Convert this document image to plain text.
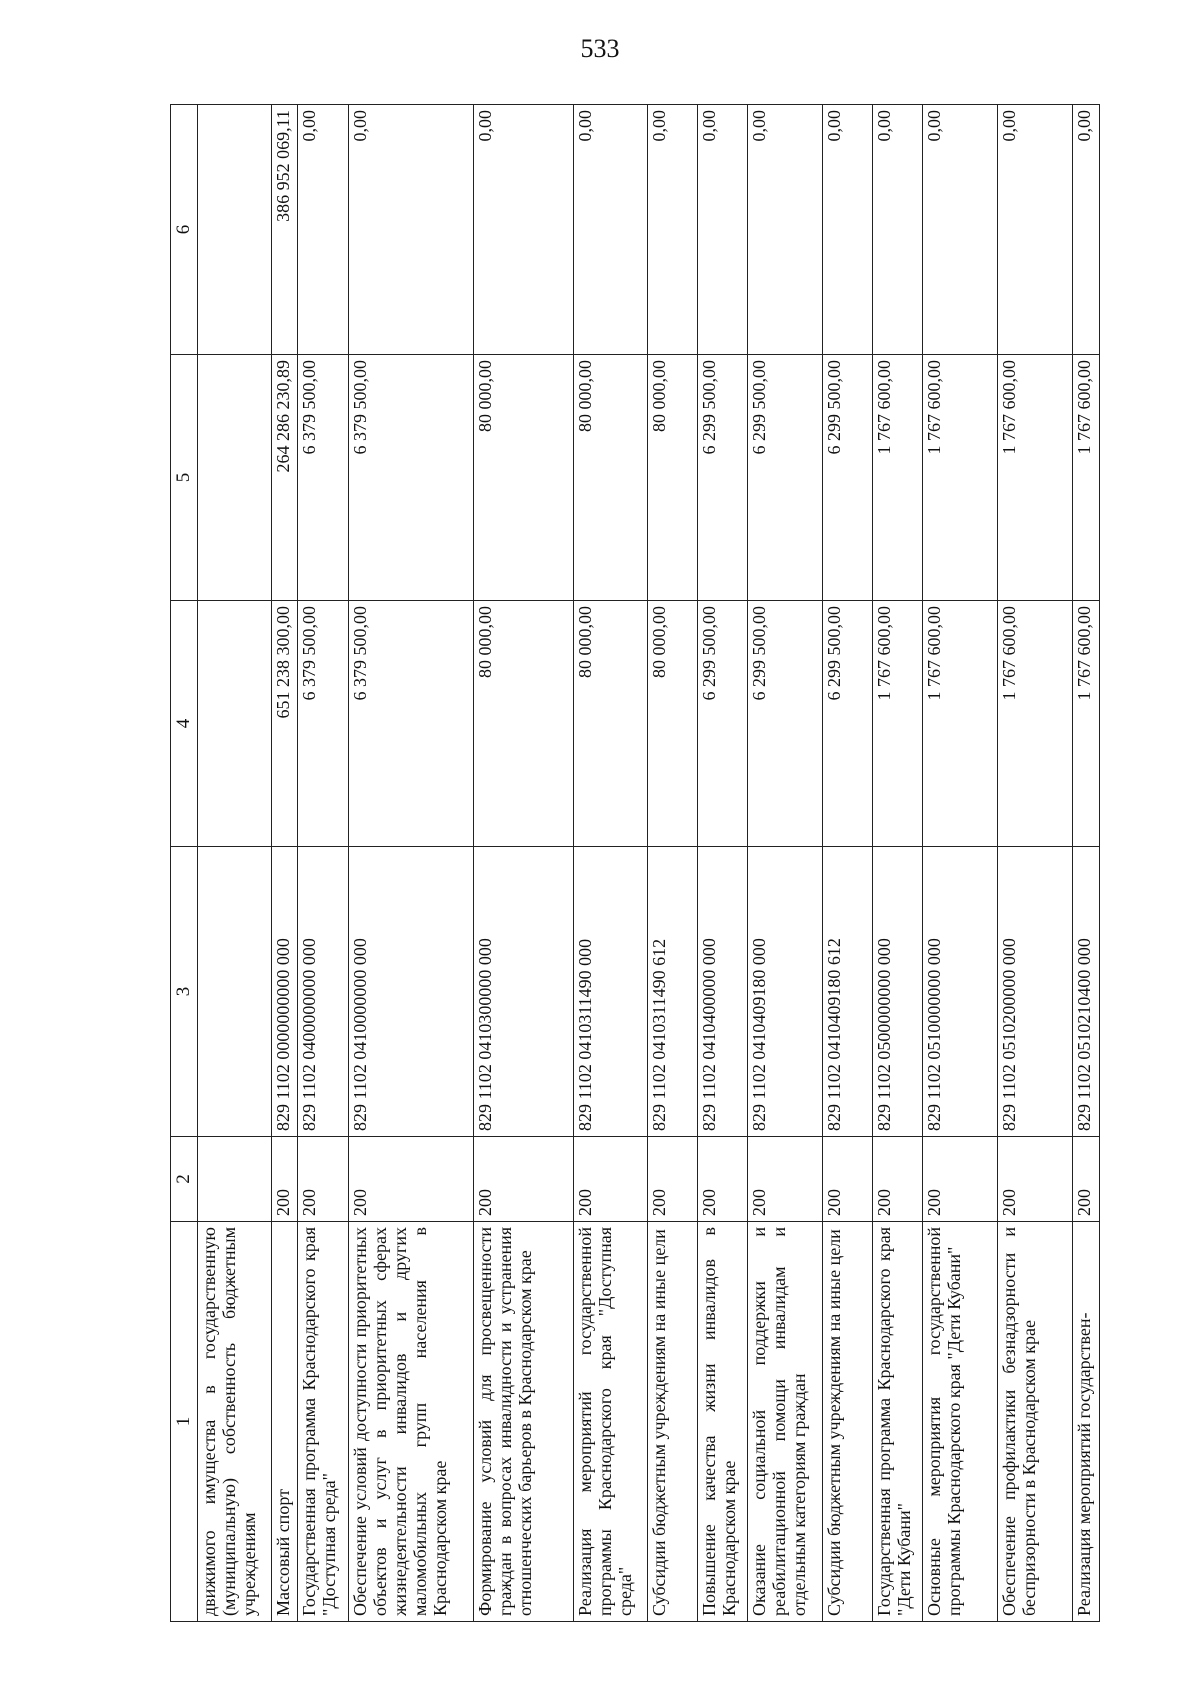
533
1	2	3	4	5	6
движимого имущества в государственную (муниципальную) собственность бюджетным учреждениям					
Массовый спорт	200	829 1102 0000000000 000	651 238 300,00	264 286 230,89	386 952 069,11
Государственная программа Краснодарского края "Доступная среда"	200	829 1102 0400000000 000	6 379 500,00	6 379 500,00	0,00
Обеспечение условий доступности приоритетных объектов и услуг в приоритетных сферах жизнедеятельности инвалидов и других маломобильных групп населения в Краснодарском крае	200	829 1102 0410000000 000	6 379 500,00	6 379 500,00	0,00
Формирование условий для просвещенности граждан в вопросах инвалидности и устранения отношенческих барьеров в Краснодарском крае	200	829 1102 0410300000 000	80 000,00	80 000,00	0,00
Реализация мероприятий государственной программы Краснодарского края "Доступная среда"	200	829 1102 0410311490 000	80 000,00	80 000,00	0,00
Субсидии бюджетным учреждениям на иные цели	200	829 1102 0410311490 612	80 000,00	80 000,00	0,00
Повышение качества жизни инвалидов в Краснодарском крае	200	829 1102 0410400000 000	6 299 500,00	6 299 500,00	0,00
Оказание социальной поддержки и реабилитационной помощи инвалидам и отдельным категориям граждан	200	829 1102 0410409180 000	6 299 500,00	6 299 500,00	0,00
Субсидии бюджетным учреждениям на иные цели	200	829 1102 0410409180 612	6 299 500,00	6 299 500,00	0,00
Государственная программа Краснодарского края "Дети Кубани"	200	829 1102 0500000000 000	1 767 600,00	1 767 600,00	0,00
Основные мероприятия государственной программы Краснодарского края "Дети Кубани"	200	829 1102 0510000000 000	1 767 600,00	1 767 600,00	0,00
Обеспечение профилактики безнадзорности и беспризорности в Краснодарском крае	200	829 1102 0510200000 000	1 767 600,00	1 767 600,00	0,00
Реализация мероприятий государствен-	200	829 1102 0510210400 000	1 767 600,00	1 767 600,00	0,00
